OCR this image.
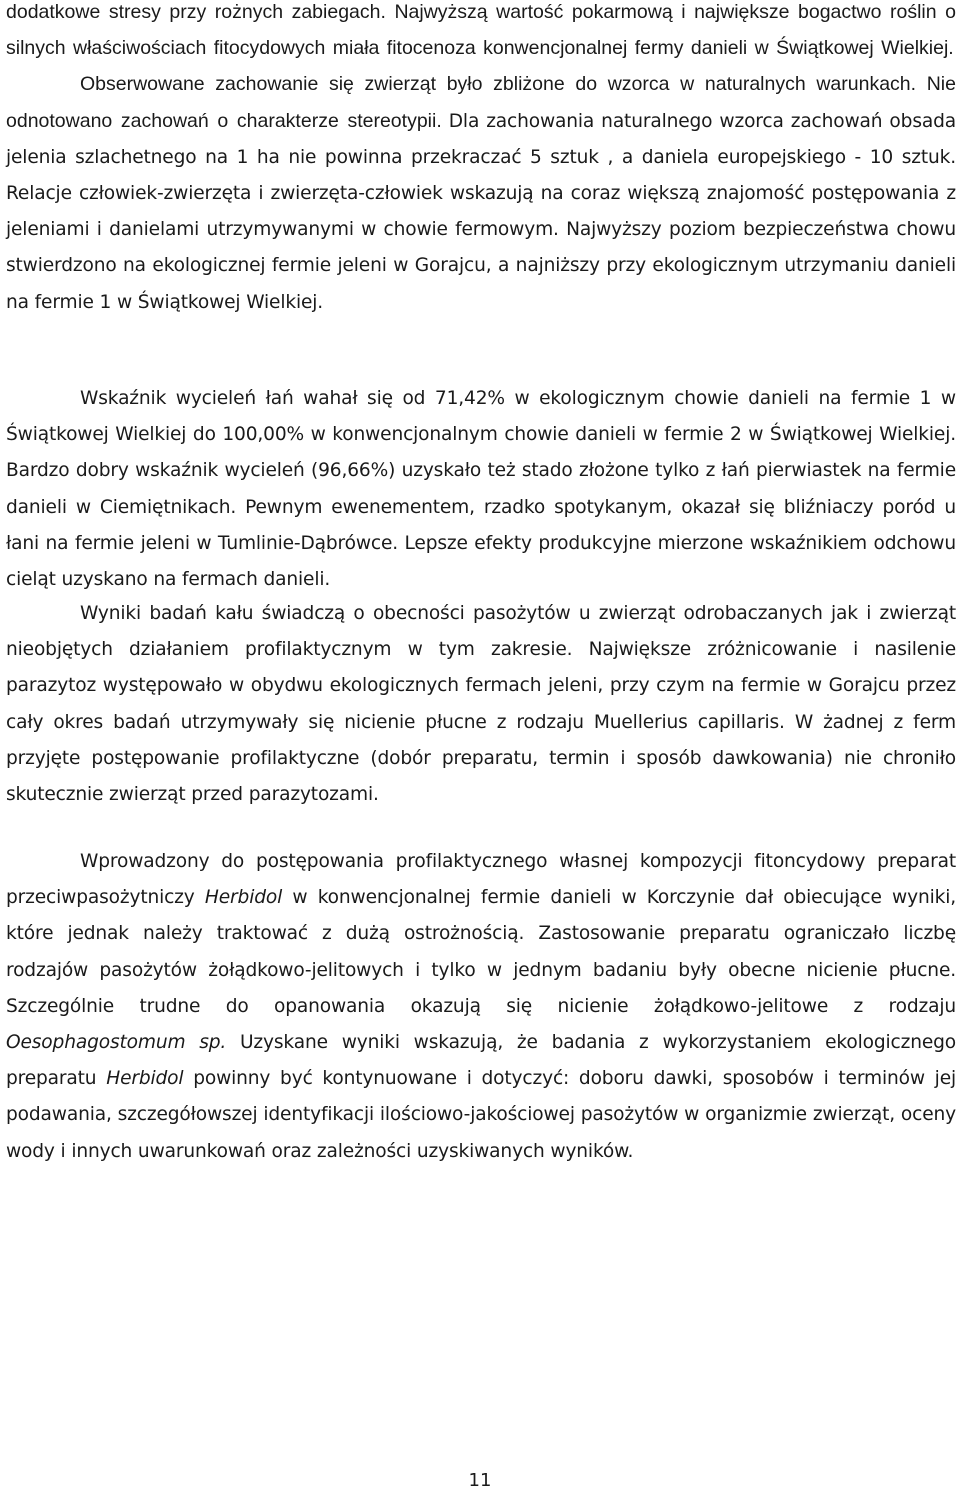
dodatkowe stresy przy rożnych zabiegach. Najwyższą wartość pokarmową i największe bogactwo roślin o silnych właściwościach fitocydowych miała fitocenoza konwencjonalnej fermy danieli w Świątkowej Wielkiej.
Obserwowane zachowanie się zwierząt było zbliżone do wzorca w naturalnych warunkach. Nie odnotowano zachowań o charakterze stereotypii. Dla zachowania naturalnego wzorca zachowań obsada jelenia szlachetnego na 1 ha nie powinna przekraczać 5 sztuk , a daniela europejskiego - 10 sztuk. Relacje człowiek-zwierzęta i zwierzęta-człowiek wskazują na coraz większą znajomość postępowania z jeleniami i danielami utrzymywanymi w chowie fermowym. Najwyższy poziom bezpieczeństwa chowu stwierdzono na ekologicznej fermie jeleni w Gorajcu, a najniższy przy ekologicznym utrzymaniu danieli na fermie 1 w Świątkowej Wielkiej.

Wskaźnik wycieleń łań wahał się od 71,42% w ekologicznym chowie danieli na fermie 1 w Świątkowej Wielkiej do 100,00% w konwencjonalnym chowie danieli w fermie 2 w Świątkowej Wielkiej. Bardzo dobry wskaźnik wycieleń (96,66%) uzyskało też stado złożone tylko z łań pierwiastek na fermie danieli w Ciemiętnikach. Pewnym ewenementem, rzadko spotykanym, okazał się bliźniaczy poród u łani na fermie jeleni w Tumlinie-Dąbrówce. Lepsze efekty produkcyjne mierzone wskaźnikiem odchowu cieląt uzyskano na fermach danieli.

Wyniki badań kału świadczą o obecności pasożytów u zwierząt odrobaczanych jak i zwierząt nieobjętych działaniem profilaktycznym w tym zakresie. Największe zróżnicowanie i nasilenie parazytoz występowało w obydwu ekologicznych fermach jeleni, przy czym na fermie w Gorajcu przez cały okres badań utrzymywały się nicienie płucne z rodzaju Muellerius capillaris. W żadnej z ferm przyjęte postępowanie profilaktyczne (dobór preparatu, termin i sposób dawkowania) nie chroniło skutecznie zwierząt przed parazytozami.

Wprowadzony do postępowania profilaktycznego własnej kompozycji fitoncydowy preparat przeciwpasożytniczy Herbidol w konwencjonalnej fermie danieli w Korczynie dał obiecujące wyniki, które jednak należy traktować z dużą ostrożnością. Zastosowanie preparatu ograniczało liczbę rodzajów pasożytów żołądkowo-jelitowych i tylko w jednym badaniu były obecne nicienie płucne. Szczególnie trudne do opanowania okazują się nicienie żołądkowo-jelitowe z rodzaju Oesophagostomum sp. Uzyskane wyniki wskazują, że badania z wykorzystaniem ekologicznego preparatu Herbidol powinny być kontynuowane i dotyczyć: doboru dawki, sposobów i terminów jej podawania, szczegółowszej identyfikacji ilościowo-jakościowej pasożytów w organizmie zwierząt, oceny wody i innych uwarunkowań oraz zależności uzyskiwanych wyników.

11
